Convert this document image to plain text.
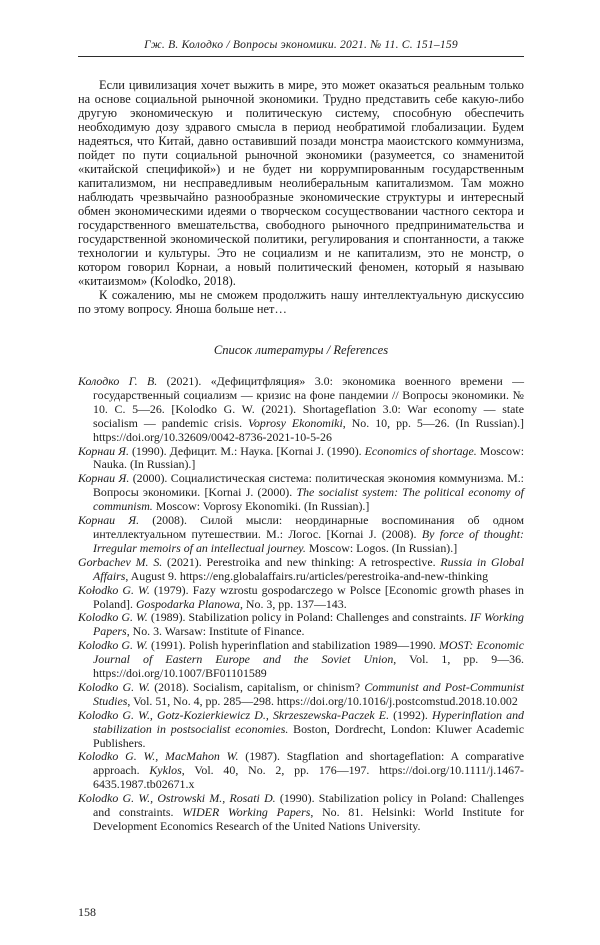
Гж. В. Колодко / Вопросы экономики. 2021. № 11. С. 151–159

Если цивилизация хочет выжить в мире, это может оказаться реальным только на основе социальной рыночной экономики. Трудно представить себе какую-либо другую экономическую и политическую систему, способную обеспечить необходимую дозу здравого смысла в период необратимой глобализации. Будем надеяться, что Китай, давно оставивший позади монстра маоистского коммунизма, пойдет по пути социальной рыночной экономики (разумеется, со знаменитой «китайской спецификой») и не будет ни коррумпированным государственным капитализмом, ни несправедливым неолиберальным капитализмом. Там можно наблюдать чрезвычайно разнообразные экономические структуры и интересный обмен экономическими идеями о творческом сосуществовании частного сектора и государственного вмешательства, свободного рыночного предпринимательства и государственной экономической политики, регулирования и спонтанности, а также технологии и культуры. Это не социализм и не капитализм, это не монстр, о котором говорил Корнаи, а новый политический феномен, который я называю «китаизмом» (Kolodko, 2018).

К сожалению, мы не сможем продолжить нашу интеллектуальную дискуссию по этому вопросу. Яноша больше нет…

Список литературы / References

Колодко Г. В. (2021). «Дефицитфляция» 3.0: экономика военного времени — государственный социализм — кризис на фоне пандемии // Вопросы экономики. № 10. С. 5—26. [Kolodko G. W. (2021). Shortageflation 3.0: War economy — state socialism — pandemic crisis. Voprosy Ekonomiki, No. 10, pp. 5—26. (In Russian).] https://doi.org/10.32609/0042-8736-2021-10-5-26

Корнаи Я. (1990). Дефицит. М.: Наука. [Kornai J. (1990). Economics of shortage. Moscow: Nauka. (In Russian).]

Корнаи Я. (2000). Социалистическая система: политическая экономия коммунизма. М.: Вопросы экономики. [Kornai J. (2000). The socialist system: The political economy of communism. Moscow: Voprosy Ekonomiki. (In Russian).]

Корнаи Я. (2008). Силой мысли: неординарные воспоминания об одном интеллектуальном путешествии. М.: Логос. [Kornai J. (2008). By force of thought: Irregular memoirs of an intellectual journey. Moscow: Logos. (In Russian).]

Gorbachev M. S. (2021). Perestroika and new thinking: A retrospective. Russia in Global Affairs, August 9. https://eng.globalaffairs.ru/articles/perestroika-and-new-thinking

Kołodko G. W. (1979). Fazy wzrostu gospodarczego w Polsce [Economic growth phases in Poland]. Gospodarka Planowa, No. 3, pp. 137—143.

Kolodko G. W. (1989). Stabilization policy in Poland: Challenges and constraints. IF Working Papers, No. 3. Warsaw: Institute of Finance.

Kolodko G. W. (1991). Polish hyperinflation and stabilization 1989—1990. MOST: Economic Journal of Eastern Europe and the Soviet Union, Vol. 1, pp. 9—36. https://doi.org/10.1007/BF01101589

Kolodko G. W. (2018). Socialism, capitalism, or chinism? Communist and Post-Communist Studies, Vol. 51, No. 4, pp. 285—298. https://doi.org/10.1016/j.postcomstud.2018.10.002

Kolodko G. W., Gotz-Kozierkiewicz D., Skrzeszewska-Paczek E. (1992). Hyperinflation and stabilization in postsocialist economies. Boston, Dordrecht, London: Kluwer Academic Publishers.

Kolodko G. W., MacMahon W. (1987). Stagflation and shortageflation: A comparative approach. Kyklos, Vol. 40, No. 2, pp. 176—197. https://doi.org/10.1111/j.1467-6435.1987.tb02671.x

Kolodko G. W., Ostrowski M., Rosati D. (1990). Stabilization policy in Poland: Challenges and constraints. WIDER Working Papers, No. 81. Helsinki: World Institute for Development Economics Research of the United Nations University.

158
